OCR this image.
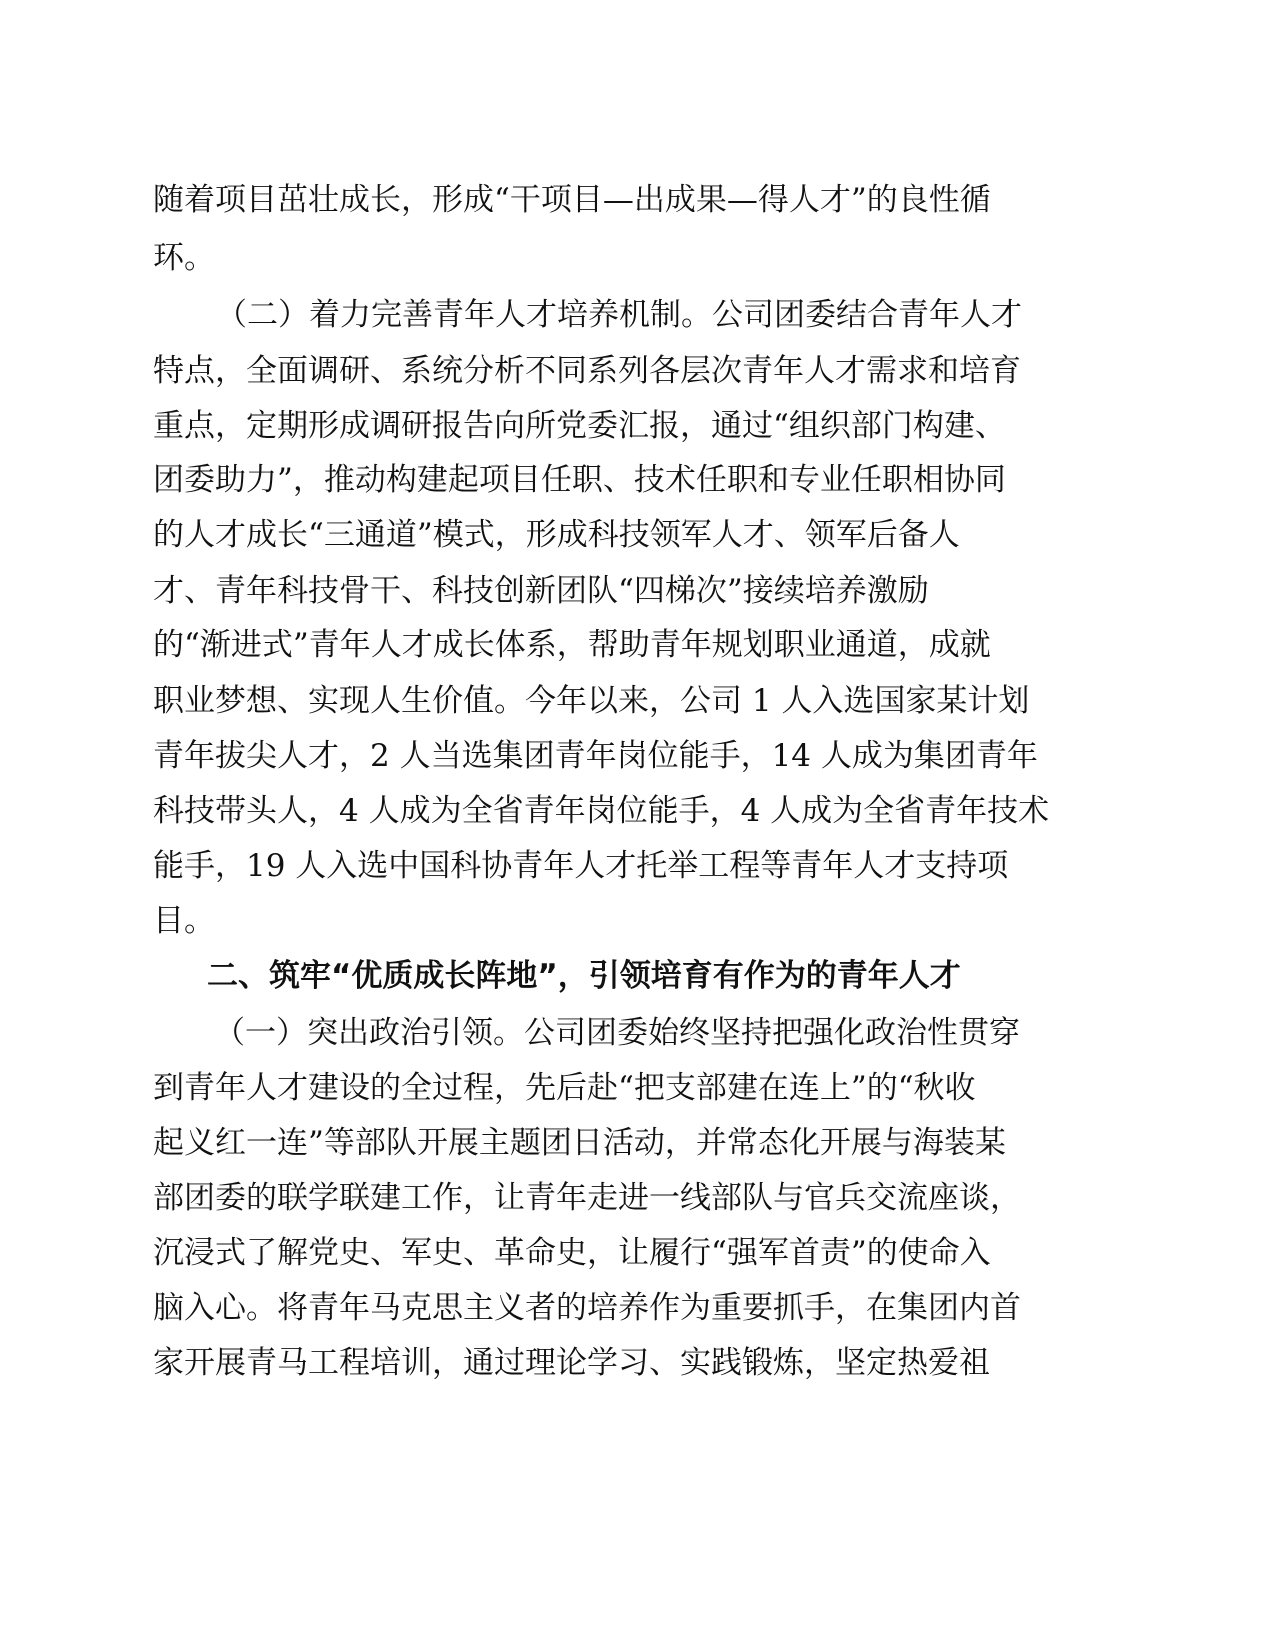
随着项目茁壮成长，形成“干项目—出成果—得人才”的良性循
环。
（二）着力完善青年人才培养机制。公司团委结合青年人才
特点，全面调研、系统分析不同系列各层次青年人才需求和培育
重点，定期形成调研报告向所党委汇报，通过“组织部门构建、
团委助力”，推动构建起项目任职、技术任职和专业任职相协同
的人才成长“三通道”模式，形成科技领军人才、领军后备人
才、青年科技骨干、科技创新团队“四梯次”接续培养激励
的“渐进式”青年人才成长体系，帮助青年规划职业通道，成就
职业梦想、实现人生价值。今年以来，公司 1 人入选国家某计划
青年拔尖人才，2 人当选集团青年岗位能手，14 人成为集团青年
科技带头人，4 人成为全省青年岗位能手，4 人成为全省青年技术
能手，19 人入选中国科协青年人才托举工程等青年人才支持项
目。
二、筑牢“优质成长阵地”，引领培育有作为的青年人才
（一）突出政治引领。公司团委始终坚持把强化政治性贯穿
到青年人才建设的全过程，先后赴“把支部建在连上”的“秋收
起义红一连”等部队开展主题团日活动，并常态化开展与海装某
部团委的联学联建工作，让青年走进一线部队与官兵交流座谈，
沉浸式了解党史、军史、革命史，让履行“强军首责”的使命入
脑入心。将青年马克思主义者的培养作为重要抓手，在集团内首
家开展青马工程培训，通过理论学习、实践锻炼，坚定热爱祖
